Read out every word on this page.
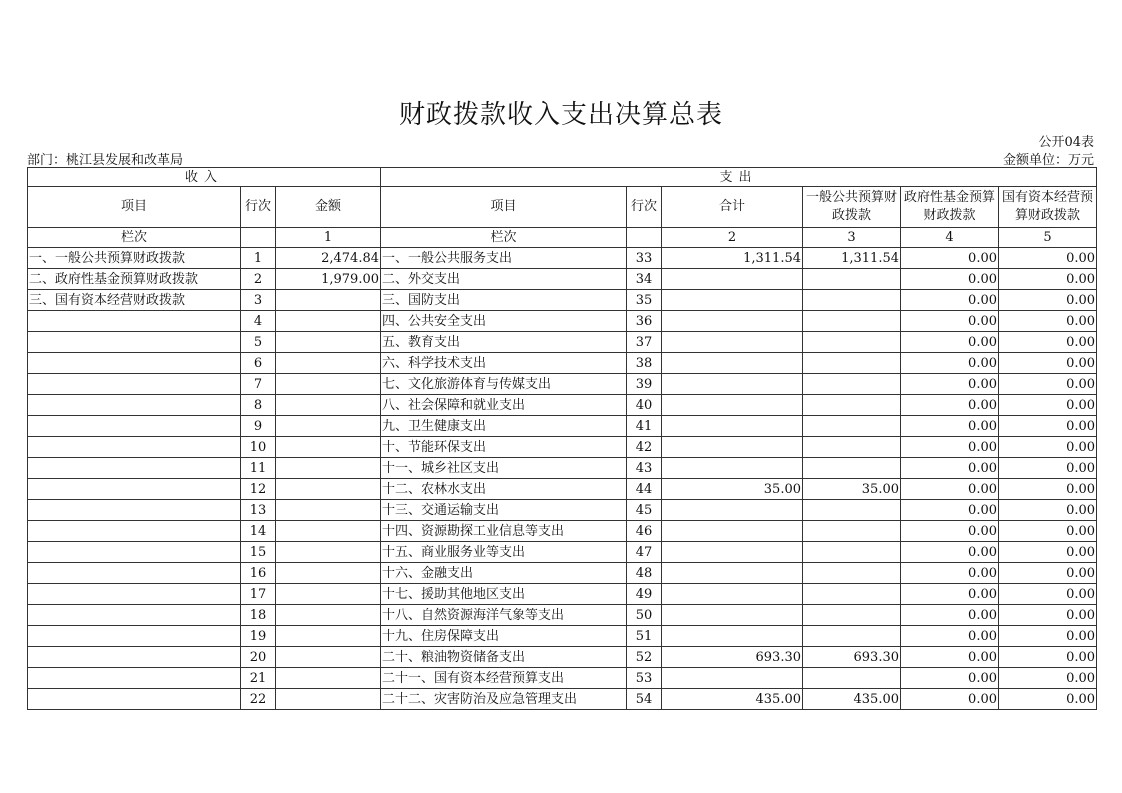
财政拨款收入支出决算总表
公开04表
部门：桃江县发展和改革局	金额单位：万元
收入			支出					
项目	行次	金额	项目	行次	合计	一般公共预算财政拨款	政府性基金预算财政拨款	国有资本经营预算财政拨款
栏次		1	栏次		2	3	4	5
一、一般公共预算财政拨款	1	2,474.84	一、一般公共服务支出	33	1,311.54	1,311.54	0.00	0.00
二、政府性基金预算财政拨款	2	1,979.00	二、外交支出	34			0.00	0.00
三、国有资本经营财政拨款	3		三、国防支出	35			0.00	0.00
	4		四、公共安全支出	36			0.00	0.00
	5		五、教育支出	37			0.00	0.00
	6		六、科学技术支出	38			0.00	0.00
	7		七、文化旅游体育与传媒支出	39			0.00	0.00
	8		八、社会保障和就业支出	40			0.00	0.00
	9		九、卫生健康支出	41			0.00	0.00
	10		十、节能环保支出	42			0.00	0.00
	11		十一、城乡社区支出	43			0.00	0.00
	12		十二、农林水支出	44	35.00	35.00	0.00	0.00
	13		十三、交通运输支出	45			0.00	0.00
	14		十四、资源勘探工业信息等支出	46			0.00	0.00
	15		十五、商业服务业等支出	47			0.00	0.00
	16		十六、金融支出	48			0.00	0.00
	17		十七、援助其他地区支出	49			0.00	0.00
	18		十八、自然资源海洋气象等支出	50			0.00	0.00
	19		十九、住房保障支出	51			0.00	0.00
	20		二十、粮油物资储备支出	52	693.30	693.30	0.00	0.00
	21		二十一、国有资本经营预算支出	53			0.00	0.00
	22		二十二、灾害防治及应急管理支出	54	435.00	435.00	0.00	0.00
